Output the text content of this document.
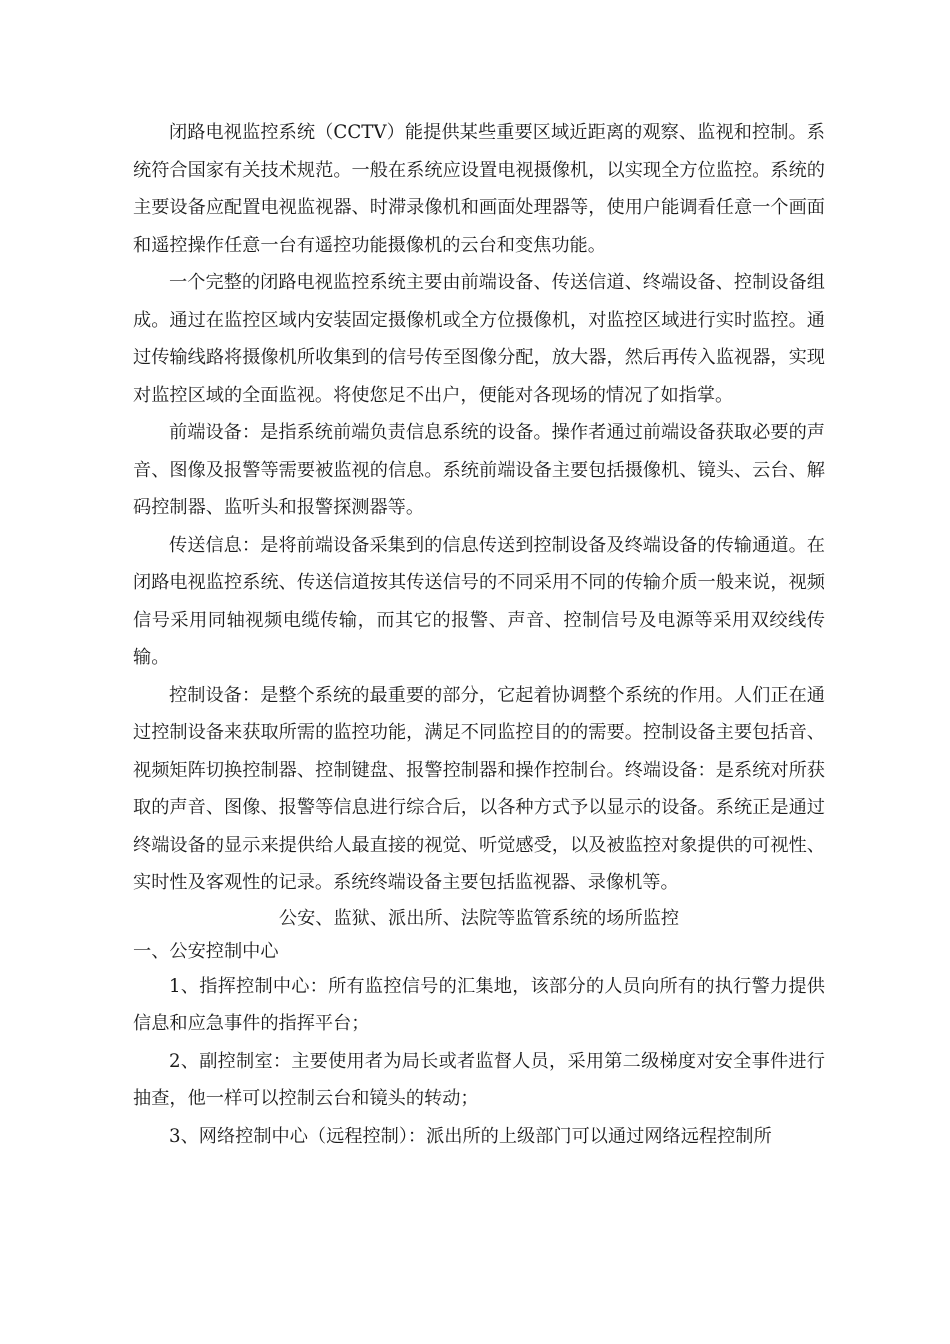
闭路电视监控系统（CCTV）能提供某些重要区域近距离的观察、监视和控制。系统符合国家有关技术规范。一般在系统应设置电视摄像机，以实现全方位监控。系统的主要设备应配置电视监视器、时滞录像机和画面处理器等，使用户能调看任意一个画面和遥控操作任意一台有遥控功能摄像机的云台和变焦功能。

一个完整的闭路电视监控系统主要由前端设备、传送信道、终端设备、控制设备组成。通过在监控区域内安装固定摄像机或全方位摄像机，对监控区域进行实时监控。通过传输线路将摄像机所收集到的信号传至图像分配，放大器，然后再传入监视器，实现对监控区域的全面监视。将使您足不出户，便能对各现场的情况了如指掌。

前端设备：是指系统前端负责信息系统的设备。操作者通过前端设备获取必要的声音、图像及报警等需要被监视的信息。系统前端设备主要包括摄像机、镜头、云台、解码控制器、监听头和报警探测器等。

传送信息：是将前端设备采集到的信息传送到控制设备及终端设备的传输通道。在闭路电视监控系统、传送信道按其传送信号的不同采用不同的传输介质一般来说，视频信号采用同轴视频电缆传输，而其它的报警、声音、控制信号及电源等采用双绞线传输。

控制设备：是整个系统的最重要的部分，它起着协调整个系统的作用。人们正在通过控制设备来获取所需的监控功能，满足不同监控目的的需要。控制设备主要包括音、视频矩阵切换控制器、控制键盘、报警控制器和操作控制台。终端设备：是系统对所获取的声音、图像、报警等信息进行综合后，以各种方式予以显示的设备。系统正是通过终端设备的显示来提供给人最直接的视觉、听觉感受，以及被监控对象提供的可视性、实时性及客观性的记录。系统终端设备主要包括监视器、录像机等。

公安、监狱、派出所、法院等监管系统的场所监控

一、公安控制中心

1、指挥控制中心：所有监控信号的汇集地，该部分的人员向所有的执行警力提供信息和应急事件的指挥平台；

2、副控制室：主要使用者为局长或者监督人员，采用第二级梯度对安全事件进行抽查，他一样可以控制云台和镜头的转动；

3、网络控制中心（远程控制）：派出所的上级部门可以通过网络远程控制所
